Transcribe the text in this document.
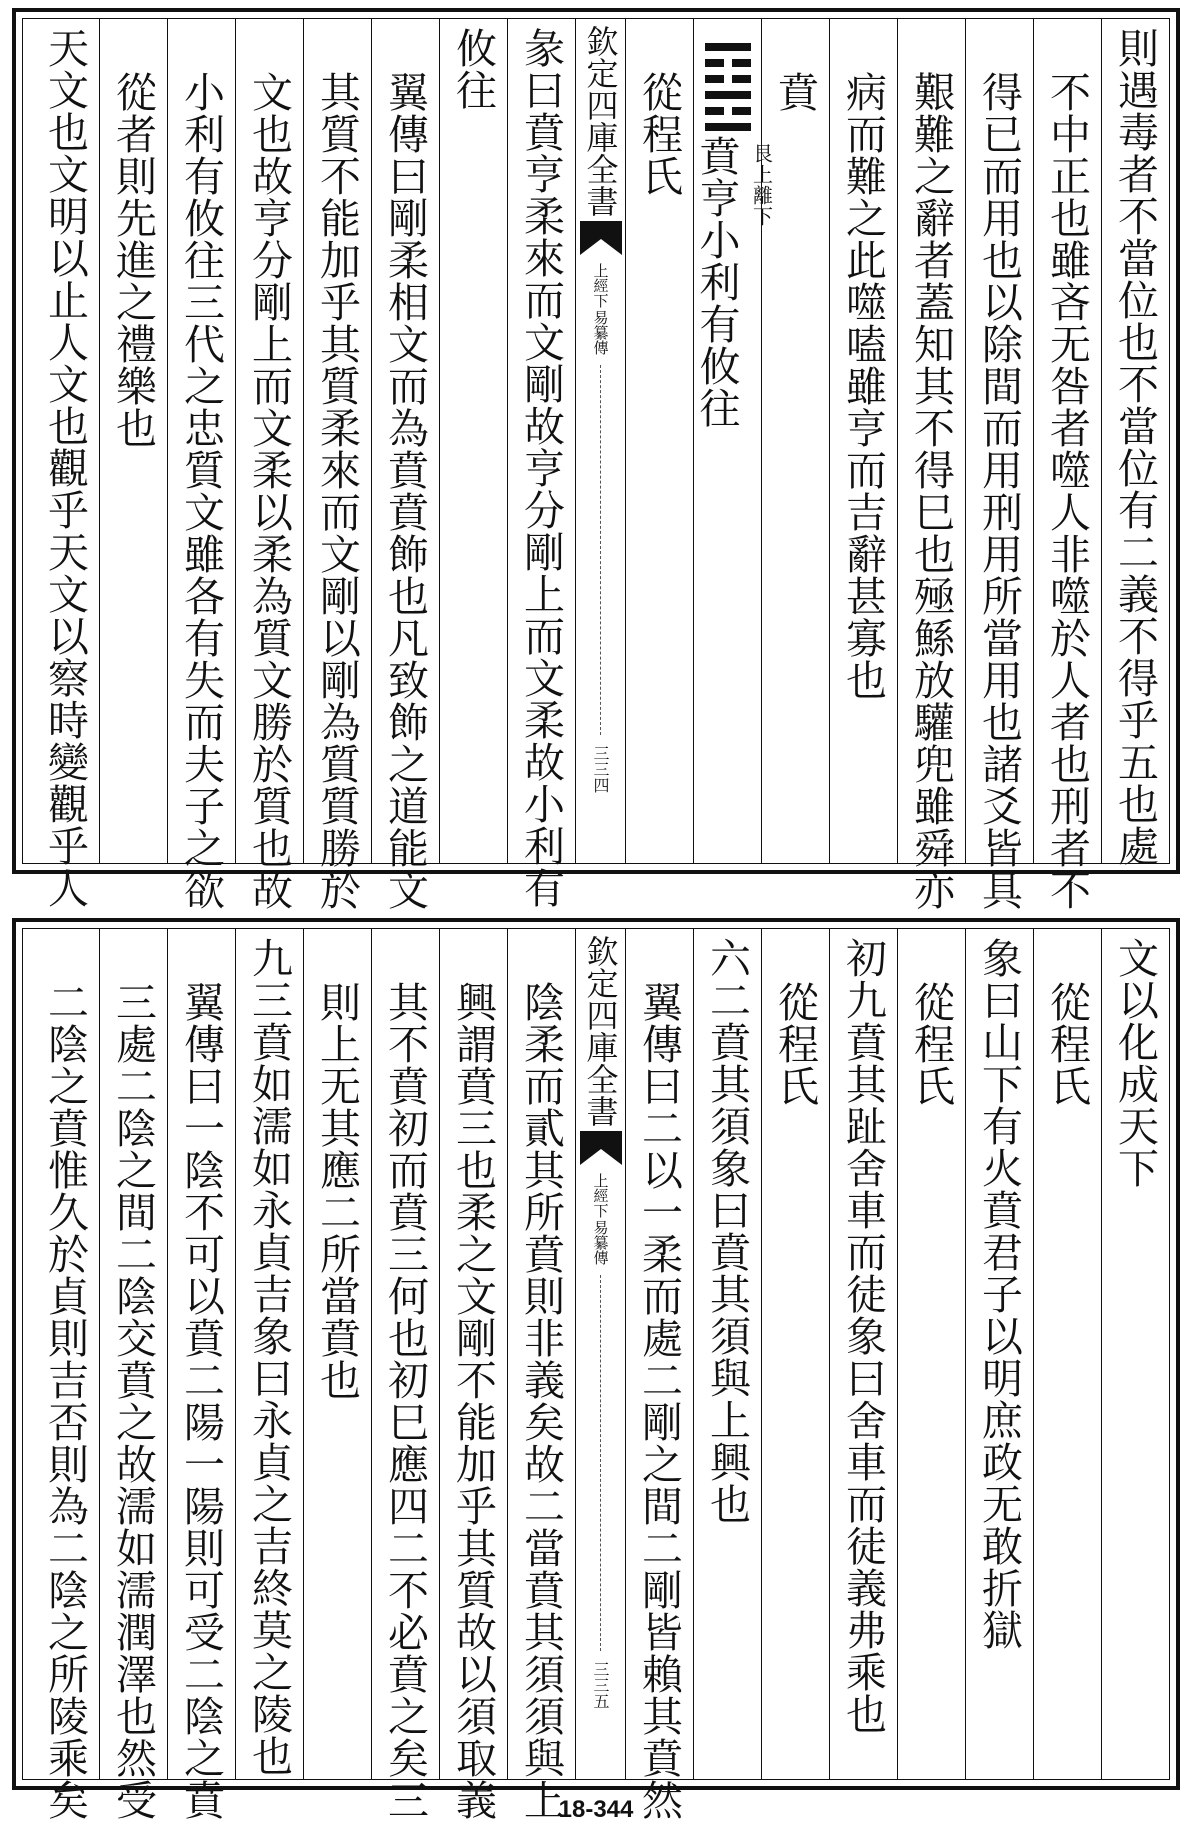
則遇毒者不當位也不當位有二義不得乎五也處
不中正也雖吝无咎者噬人非噬於人者也刑者不
得已而用也以除間而用刑用所當用也諸爻皆具
艱難之辭者蓋知其不得巳也殛鯀放驩兜雖舜亦
病而難之此噬嗑雖亨而吉辭甚寡也
賁
離下
艮上
賁亨小利有攸往
從程氏
欽定四庫全書
上經下
易纂傳
三三四
彖曰賁亨柔來而文剛故亨分剛上而文柔故小利有
攸往
翼傳曰剛柔相文而為賁賁飾也凡致飾之道能文
其質不能加乎其質柔來而文剛以剛為質質勝於
文也故亨分剛上而文柔以柔為質文勝於質也故
小利有攸往三代之忠質文雖各有失而夫子之欲
從者則先進之禮樂也
天文也文明以止人文也觀乎天文以察時變觀乎人
文以化成天下
從程氏
象曰山下有火賁君子以明庶政无敢折獄
從程氏
初九賁其趾舍車而徒象曰舍車而徒義弗乘也
從程氏
六二賁其須象曰賁其須與上興也
翼傳曰二以一柔而處二剛之間二剛皆賴其賁然
欽定四庫全書
上經下
易纂傳
三三五
陰柔而貳其所賁則非義矣故二當賁其須須與上
興謂賁三也柔之文剛不能加乎其質故以須取義
其不賁初而賁三何也初巳應四二不必賁之矣三
則上无其應二所當賁也
九三賁如濡如永貞吉象曰永貞之吉終莫之陵也
翼傳曰一陰不可以賁二陽一陽則可受二陰之賁
三處二陰之間二陰交賁之故濡如濡潤澤也然受
二陰之賁惟久於貞則吉否則為二陰之所陵乘矣	18-344
